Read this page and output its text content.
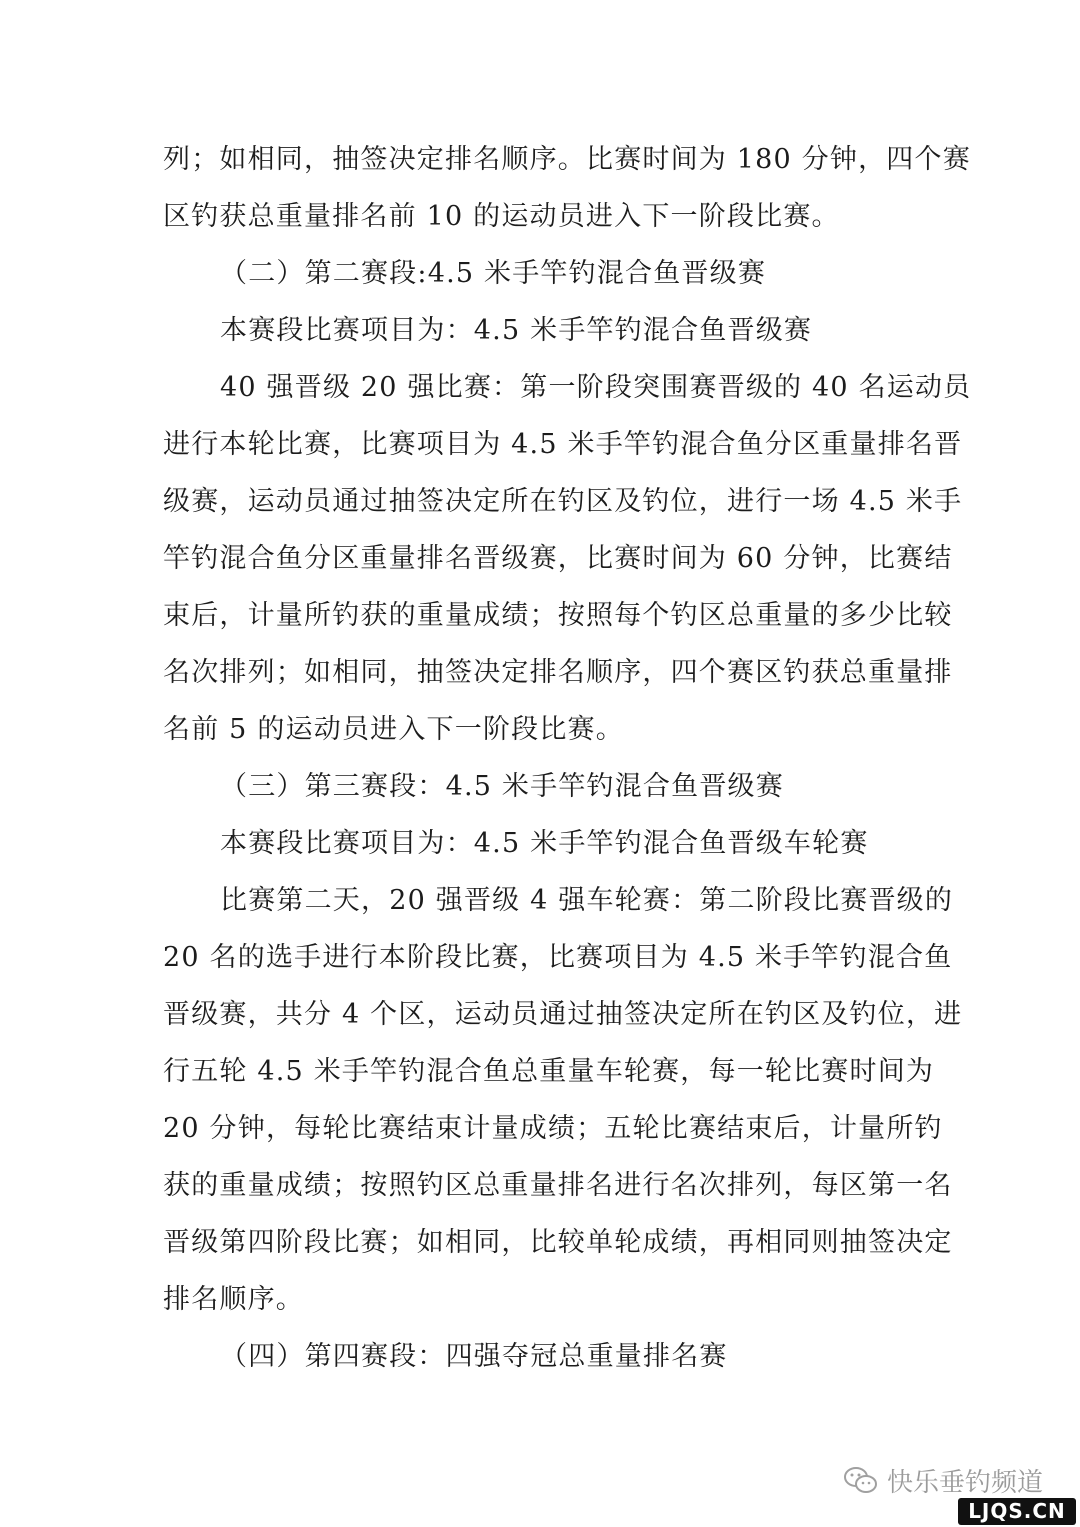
列；如相同，抽签决定排名顺序。比赛时间为 180 分钟，四个赛
区钓获总重量排名前 10 的运动员进入下一阶段比赛。
（二）第二赛段:4.5 米手竿钓混合鱼晋级赛
本赛段比赛项目为：4.5 米手竿钓混合鱼晋级赛
40 强晋级 20 强比赛：第一阶段突围赛晋级的 40 名运动员
进行本轮比赛，比赛项目为 4.5 米手竿钓混合鱼分区重量排名晋
级赛，运动员通过抽签决定所在钓区及钓位，进行一场 4.5 米手
竿钓混合鱼分区重量排名晋级赛，比赛时间为 60 分钟，比赛结
束后，计量所钓获的重量成绩；按照每个钓区总重量的多少比较
名次排列；如相同，抽签决定排名顺序，四个赛区钓获总重量排
名前 5 的运动员进入下一阶段比赛。
（三）第三赛段：4.5 米手竿钓混合鱼晋级赛
本赛段比赛项目为：4.5 米手竿钓混合鱼晋级车轮赛
比赛第二天，20 强晋级 4 强车轮赛：第二阶段比赛晋级的
20 名的选手进行本阶段比赛，比赛项目为 4.5 米手竿钓混合鱼
晋级赛，共分 4 个区，运动员通过抽签决定所在钓区及钓位，进
行五轮 4.5 米手竿钓混合鱼总重量车轮赛，每一轮比赛时间为
20 分钟，每轮比赛结束计量成绩；五轮比赛结束后，计量所钓
获的重量成绩；按照钓区总重量排名进行名次排列，每区第一名
晋级第四阶段比赛；如相同，比较单轮成绩，再相同则抽签决定
排名顺序。
（四）第四赛段：四强夺冠总重量排名赛
快乐垂钓频道
LJQS.CN
